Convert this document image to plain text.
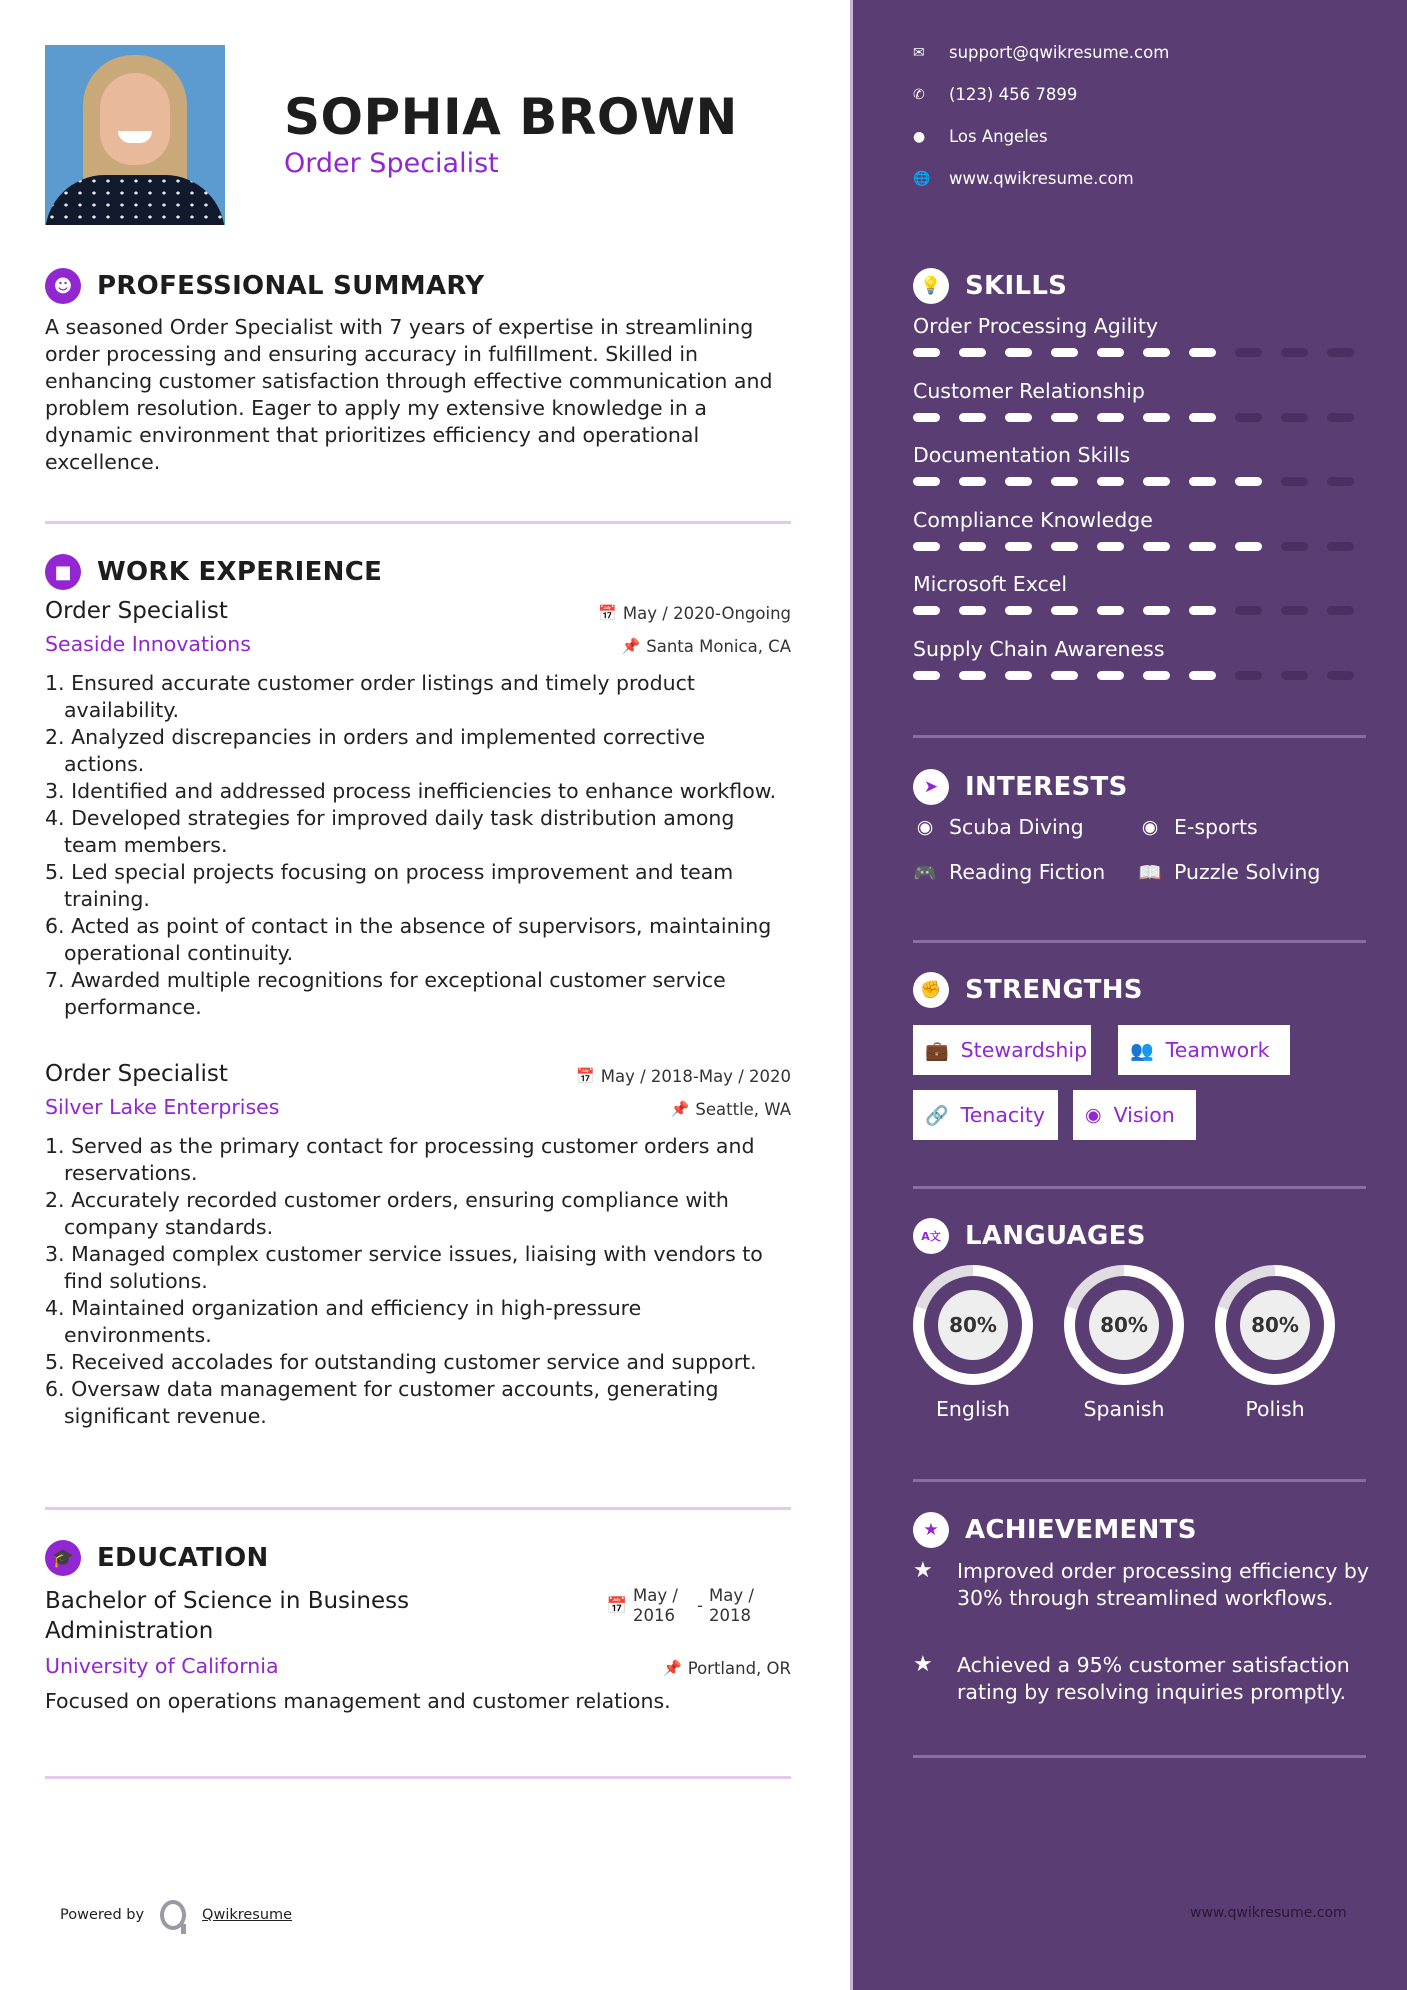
SOPHIA BROWN
Order Specialist
☻ PROFESSIONAL SUMMARY

A seasoned Order Specialist with 7 years of expertise in streamlining order processing and ensuring accuracy in fulfillment. Skilled in enhancing customer satisfaction through effective communication and problem resolution. Eager to apply my extensive knowledge in a dynamic environment that prioritizes efficiency and operational excellence.

■ WORK EXPERIENCE
Order Specialist	📅 May / 2020-Ongoing
Seaside Innovations	📌 Santa Monica, CA
1. Ensured accurate customer order listings and timely product availability.
2. Analyzed discrepancies in orders and implemented corrective actions.
3. Identified and addressed process inefficiencies to enhance workflow.
4. Developed strategies for improved daily task distribution among team members.
5. Led special projects focusing on process improvement and team training.
6. Acted as point of contact in the absence of supervisors, maintaining operational continuity.
7. Awarded multiple recognitions for exceptional customer service performance.
Order Specialist	📅 May / 2018-May / 2020
Silver Lake Enterprises	📌 Seattle, WA
1. Served as the primary contact for processing customer orders and reservations.
2. Accurately recorded customer orders, ensuring compliance with company standards.
3. Managed complex customer service issues, liaising with vendors to find solutions.
4. Maintained organization and efficiency in high-pressure environments.
5. Received accolades for outstanding customer service and support.
6. Oversaw data management for customer accounts, generating significant revenue.
🎓 EDUCATION
Bachelor of Science in Business Administration
📅
May / 2016
-
May / 2018
University of California	📌 Portland, OR

Focused on operations management and customer relations.

Powered by	Qwikresume
✉	support@qwikresume.com
✆	(123) 456 7899
●	Los Angeles
🌐	www.qwikresume.com
💡 SKILLS
Order Processing Agility
Customer Relationship
Documentation Skills
Compliance Knowledge
Microsoft Excel
Supply Chain Awareness
➤	INTERESTS
◉ Scuba Diving	◉ E-sports
🎮 Reading Fiction 📖 Puzzle Solving
✊ STRENGTHS
💼 Stewardship 👥 Teamwork
🔗 Tenacity ◉ Vision
A文 LANGUAGES
80%
English
80%
Spanish
80%
Polish
★	ACHIEVEMENTS
★	Improved order processing efficiency by 30% through streamlined workflows.
★	Achieved a 95% customer satisfaction rating by resolving inquiries promptly.
www.qwikresume.com
